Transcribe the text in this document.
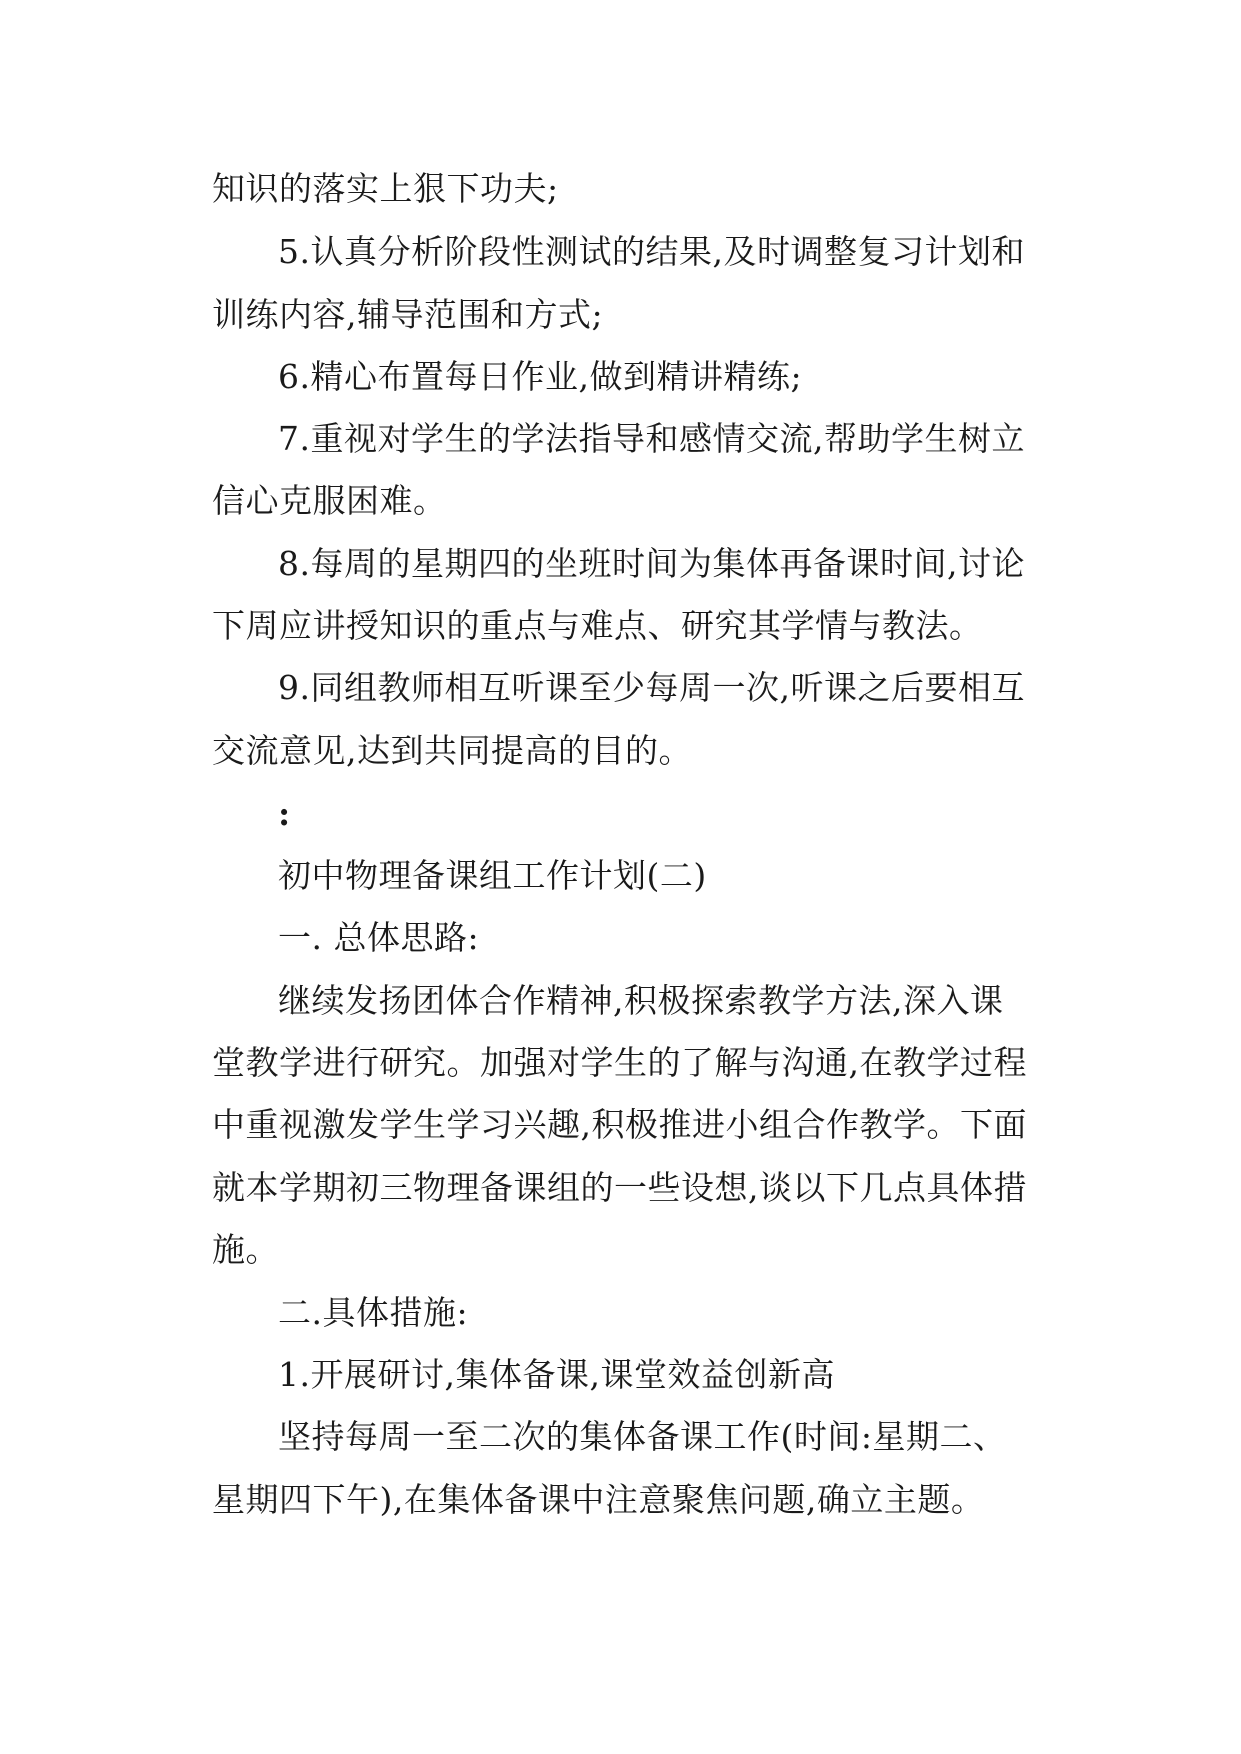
知识的落实上狠下功夫;
5.认真分析阶段性测试的结果,及时调整复习计划和
训练内容,辅导范围和方式;
6.精心布置每日作业,做到精讲精练;
7.重视对学生的学法指导和感情交流,帮助学生树立
信心克服困难。
8.每周的星期四的坐班时间为集体再备课时间,讨论
下周应讲授知识的重点与难点、研究其学情与教法。
9.同组教师相互听课至少每周一次,听课之后要相互
交流意见,达到共同提高的目的。
:
初中物理备课组工作计划(二)
一. 总体思路:
继续发扬团体合作精神,积极探索教学方法,深入课
堂教学进行研究。加强对学生的了解与沟通,在教学过程
中重视激发学生学习兴趣,积极推进小组合作教学。下面
就本学期初三物理备课组的一些设想,谈以下几点具体措
施。
二.具体措施:
1.开展研讨,集体备课,课堂效益创新高
坚持每周一至二次的集体备课工作(时间:星期二、
星期四下午),在集体备课中注意聚焦问题,确立主题。
